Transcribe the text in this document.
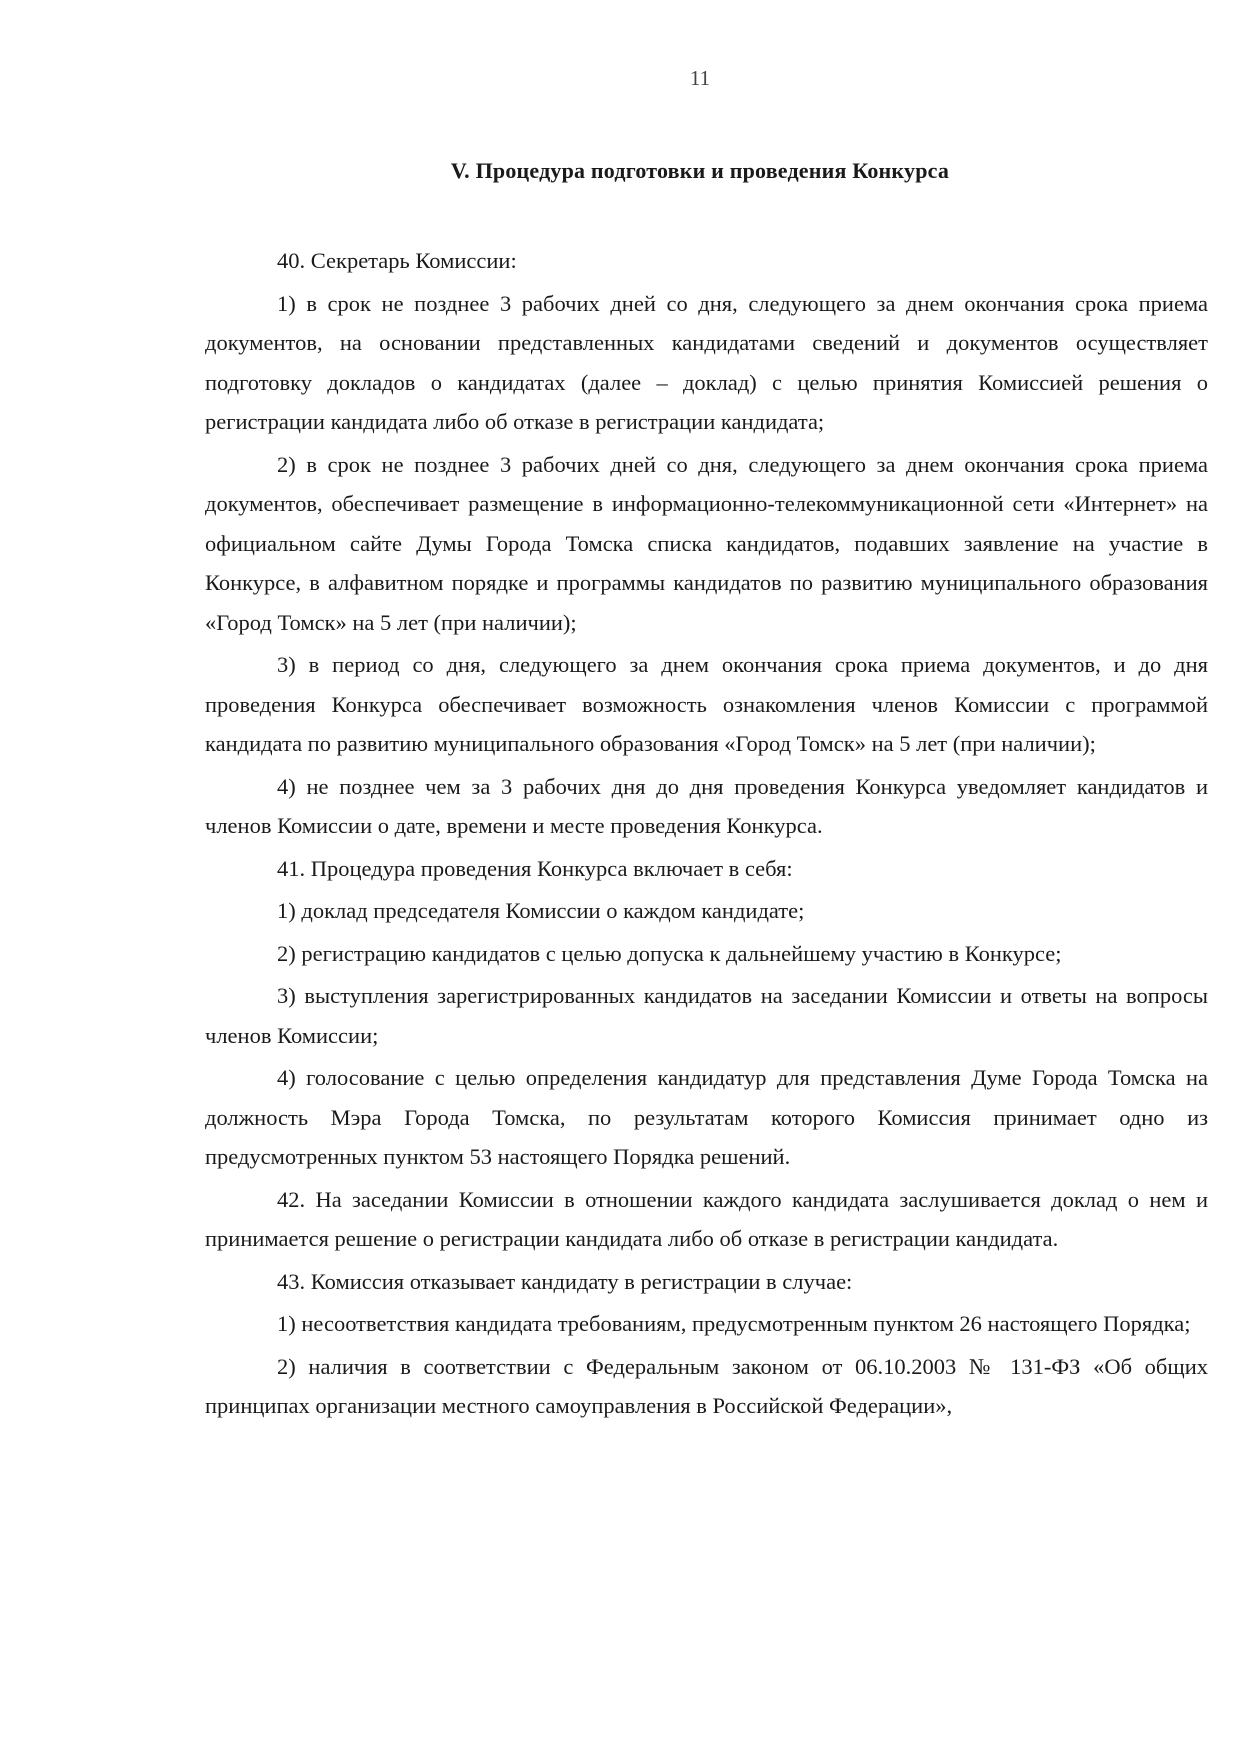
11
V. Процедура подготовки и проведения Конкурса

40. Секретарь Комиссии:

1) в срок не позднее 3 рабочих дней со дня, следующего за днем окончания срока приема документов, на основании представленных кандидатами сведений и документов осуществляет подготовку докладов о кандидатах (далее – доклад) с целью принятия Комиссией решения о регистрации кандидата либо об отказе в регистрации кандидата;

2) в срок не позднее 3 рабочих дней со дня, следующего за днем окончания срока приема документов, обеспечивает размещение в информационно-телекоммуникационной сети «Интернет» на официальном сайте Думы Города Томска списка кандидатов, подавших заявление на участие в Конкурсе, в алфавитном порядке и программы кандидатов по развитию муниципального образования «Город Томск» на 5 лет (при наличии);

3) в период со дня, следующего за днем окончания срока приема документов, и до дня проведения Конкурса обеспечивает возможность ознакомления членов Комиссии с программой кандидата по развитию муниципального образования «Город Томск» на 5 лет (при наличии);

4) не позднее чем за 3 рабочих дня до дня проведения Конкурса уведомляет кандидатов и членов Комиссии о дате, времени и месте проведения Конкурса.

41. Процедура проведения Конкурса включает в себя:

1) доклад председателя Комиссии о каждом кандидате;

2) регистрацию кандидатов с целью допуска к дальнейшему участию в Конкурсе;

3) выступления зарегистрированных кандидатов на заседании Комиссии и ответы на вопросы членов Комиссии;

4) голосование с целью определения кандидатур для представления Думе Города Томска на должность Мэра Города Томска, по результатам которого Комиссия принимает одно из предусмотренных пунктом 53 настоящего Порядка решений.

42. На заседании Комиссии в отношении каждого кандидата заслушивается доклад о нем и принимается решение о регистрации кандидата либо об отказе в регистрации кандидата.

43. Комиссия отказывает кандидату в регистрации в случае:

1) несоответствия кандидата требованиям, предусмотренным пунктом 26 настоящего Порядка;

2) наличия в соответствии с Федеральным законом от 06.10.2003 № 131-ФЗ «Об общих принципах организации местного самоуправления в Российской Федерации»,
